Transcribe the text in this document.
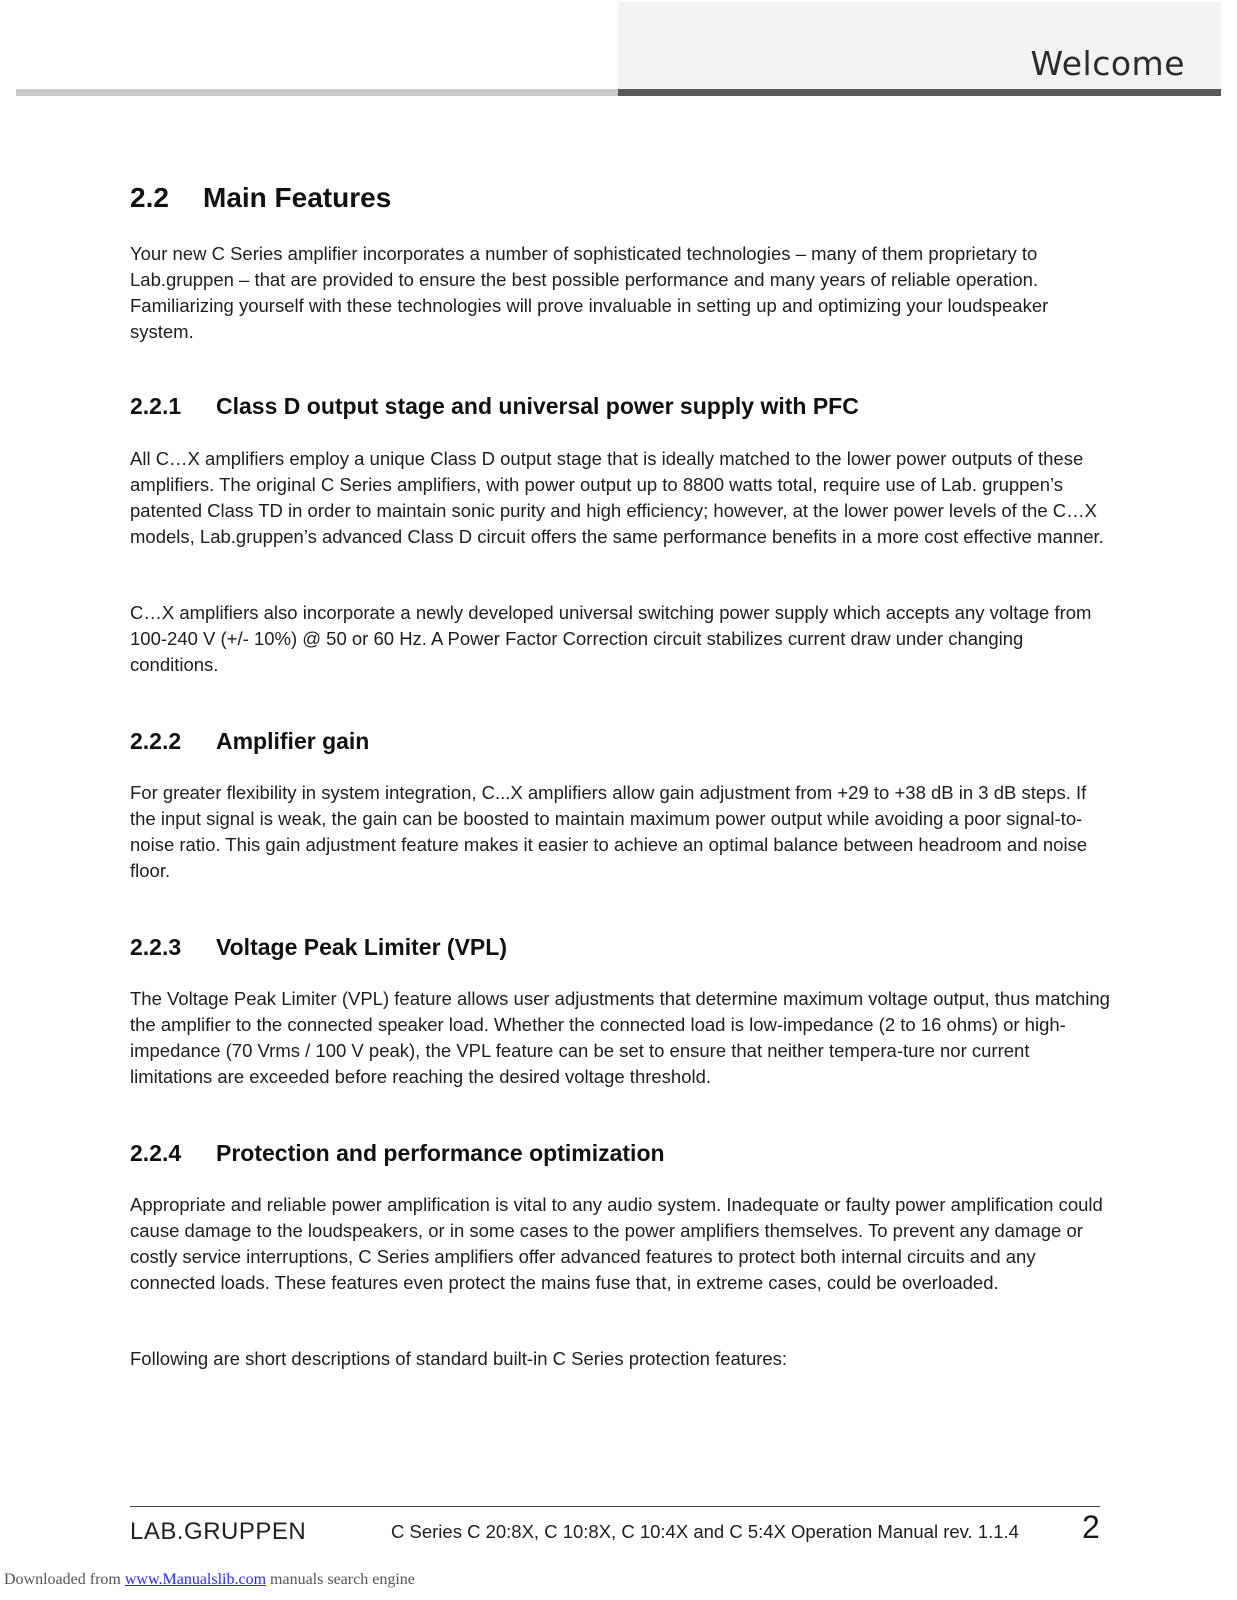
Welcome
2.2 Main Features

Your new C Series amplifier incorporates a number of sophisticated technologies – many of them proprietary to Lab.gruppen – that are provided to ensure the best possible performance and many years of reliable operation. Familiarizing yourself with these technologies will prove invaluable in setting up and optimizing your loudspeaker system.

2.2.1 Class D output stage and universal power supply with PFC

All C…X amplifiers employ a unique Class D output stage that is ideally matched to the lower power outputs of these amplifiers. The original C Series amplifiers, with power output up to 8800 watts total, require use of Lab. gruppen’s patented Class TD in order to maintain sonic purity and high efficiency; however, at the lower power levels of the C…X models, Lab.gruppen’s advanced Class D circuit offers the same performance benefits in a more cost effective manner.

C…X amplifiers also incorporate a newly developed universal switching power supply which accepts any voltage from 100-240 V (+/- 10%) @ 50 or 60 Hz. A Power Factor Correction circuit stabilizes current draw under changing conditions.

2.2.2 Amplifier gain

For greater flexibility in system integration, C...X amplifiers allow gain adjustment from +29 to +38 dB in 3 dB steps. If the input signal is weak, the gain can be boosted to maintain maximum power output while avoiding a poor signal-to-noise ratio. This gain adjustment feature makes it easier to achieve an optimal balance between headroom and noise floor.

2.2.3 Voltage Peak Limiter (VPL)

The Voltage Peak Limiter (VPL) feature allows user adjustments that determine maximum voltage output, thus matching the amplifier to the connected speaker load. Whether the connected load is low-impedance (2 to 16 ohms) or high-impedance (70 Vrms / 100 V peak), the VPL feature can be set to ensure that neither tempera-ture nor current limitations are exceeded before reaching the desired voltage threshold.

2.2.4 Protection and performance optimization

Appropriate and reliable power amplification is vital to any audio system. Inadequate or faulty power amplification could cause damage to the loudspeakers, or in some cases to the power amplifiers themselves. To prevent any damage or costly service interruptions, C Series amplifiers offer advanced features to protect both internal circuits and any connected loads. These features even protect the mains fuse that, in extreme cases, could be overloaded.

Following are short descriptions of standard built-in C Series protection features:

LAB.GRUPPEN	C Series C 20:8X, C 10:8X, C 10:4X and C 5:4X Operation Manual rev. 1.1.4 2
Downloaded from www.Manualslib.com manuals search engine
